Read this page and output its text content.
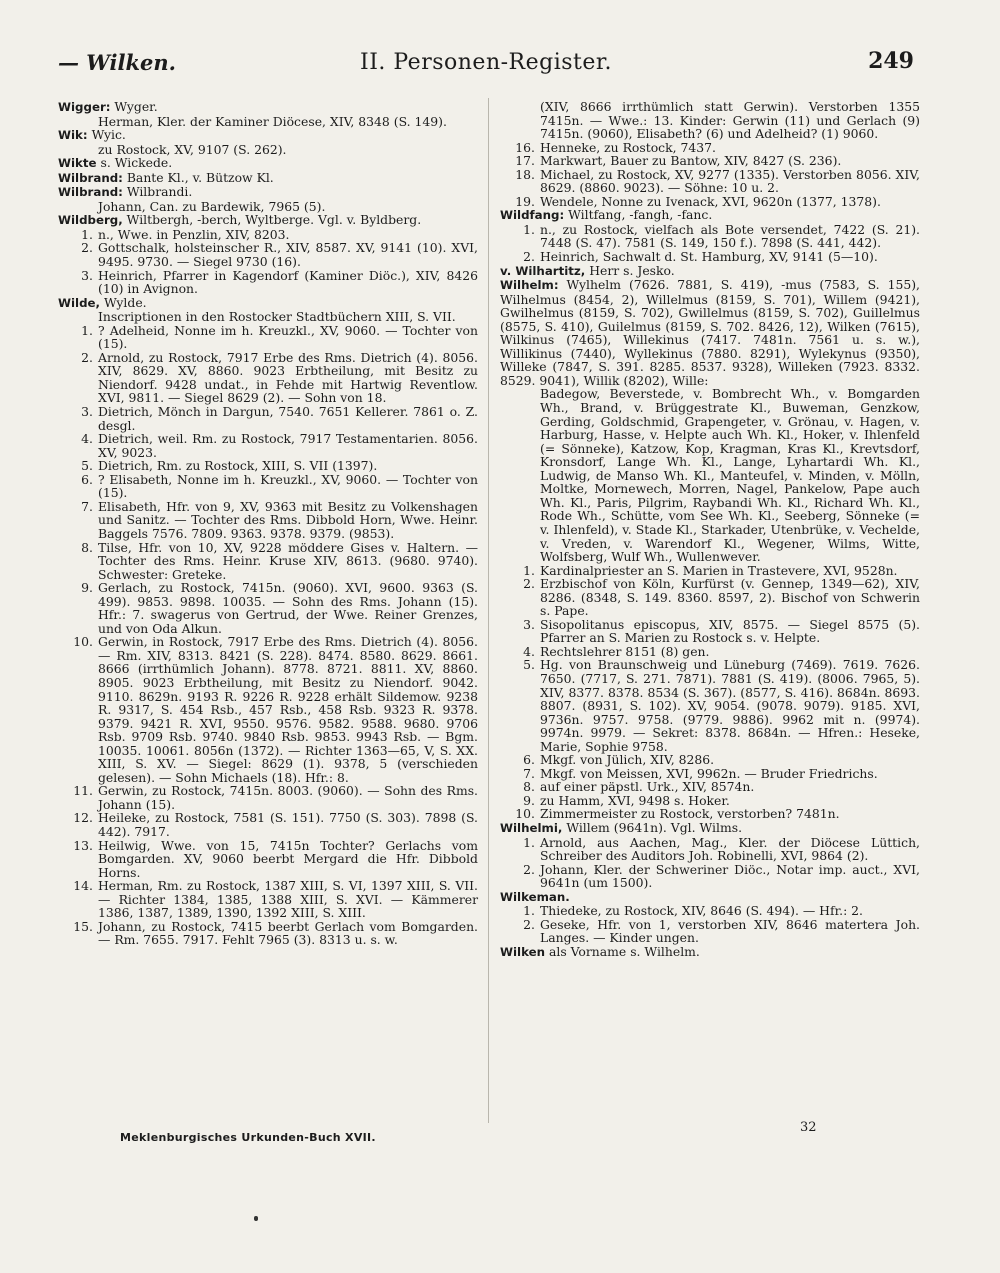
— Wilken.	II. Personen-Register.	249
Wigger: Wyger.
Herman, Kler. der Kaminer Diöcese, XIV, 8348 (S. 149).
Wik: Wyic.
zu Rostock, XV, 9107 (S. 262).
Wikte s. Wickede.
Wilbrand: Bante Kl., v. Bützow Kl.
Wilbrand: Wilbrandi.
Johann, Can. zu Bardewik, 7965 (5).
Wildberg, Wiltbergh, -berch, Wyltberge. Vgl. v. Byldberg.
1. n., Wwe. in Penzlin, XIV, 8203.
2. Gottschalk, holsteinscher R., XIV, 8587. XV, 9141 (10). XVI, 9495. 9730. — Siegel 9730 (16).
3. Heinrich, Pfarrer in Kagendorf (Kaminer Diöc.), XIV, 8426 (10) in Avignon.
Wilde, Wylde.
Inscriptionen in den Rostocker Stadtbüchern XIII, S. VII.
1. ? Adelheid, Nonne im h. Kreuzkl., XV, 9060. — Tochter von (15).
2. Arnold, zu Rostock, 7917 Erbe des Rms. Dietrich (4). 8056. XIV, 8629. XV, 8860. 9023 Erbtheilung, mit Besitz zu Niendorf. 9428 undat., in Fehde mit Hartwig Reventlow. XVI, 9811. — Siegel 8629 (2). — Sohn von 18.
3. Dietrich, Mönch in Dargun, 7540. 7651 Kellerer. 7861 o. Z. desgl.
4. Dietrich, weil. Rm. zu Rostock, 7917 Testamentarien. 8056. XV, 9023.
5. Dietrich, Rm. zu Rostock, XIII, S. VII (1397).
6. ? Elisabeth, Nonne im h. Kreuzkl., XV, 9060. — Tochter von (15).
7. Elisabeth, Hfr. von 9, XV, 9363 mit Besitz zu Volkenshagen und Sanitz. — Tochter des Rms. Dibbold Horn, Wwe. Heinr. Baggels 7576. 7809. 9363. 9378. 9379. (9853).
8. Tilse, Hfr. von 10, XV, 9228 möddere Gises v. Haltern. — Tochter des Rms. Heinr. Kruse XIV, 8613. (9680. 9740). Schwester: Greteke.
9. Gerlach, zu Rostock, 7415n. (9060). XVI, 9600. 9363 (S. 499). 9853. 9898. 10035. — Sohn des Rms. Johann (15). Hfr.: 7. swagerus von Gertrud, der Wwe. Reiner Grenzes, und von Oda Alkun.
10. Gerwin, in Rostock, 7917 Erbe des Rms. Dietrich (4). 8056. — Rm. XIV, 8313. 8421 (S. 228). 8474. 8580. 8629. 8661. 8666 (irrthümlich Johann). 8778. 8721. 8811. XV, 8860. 8905. 9023 Erbtheilung, mit Besitz zu Niendorf. 9042. 9110. 8629n. 9193 R. 9226 R. 9228 erhält Sildemow. 9238 R. 9317, S. 454 Rsb., 457 Rsb., 458 Rsb. 9323 R. 9378. 9379. 9421 R. XVI, 9550. 9576. 9582. 9588. 9680. 9706 Rsb. 9709 Rsb. 9740. 9840 Rsb. 9853. 9943 Rsb. — Bgm. 10035. 10061. 8056n (1372). — Richter 1363—65, V, S. XX. XIII, S. XV. — Siegel: 8629 (1). 9378, 5 (verschieden gelesen). — Sohn Michaels (18). Hfr.: 8.
11. Gerwin, zu Rostock, 7415n. 8003. (9060). — Sohn des Rms. Johann (15).
12. Heileke, zu Rostock, 7581 (S. 151). 7750 (S. 303). 7898 (S. 442). 7917.
13. Heilwig, Wwe. von 15, 7415n Tochter? Gerlachs vom Bomgarden. XV, 9060 beerbt Mergard die Hfr. Dibbold Horns.
14. Herman, Rm. zu Rostock, 1387 XIII, S. VI, 1397 XIII, S. VII. — Richter 1384, 1385, 1388 XIII, S. XVI. — Kämmerer 1386, 1387, 1389, 1390, 1392 XIII, S. XIII.
15. Johann, zu Rostock, 7415 beerbt Gerlach vom Bomgarden. — Rm. 7655. 7917. Fehlt 7965 (3). 8313 u. s. w.
(XIV, 8666 irrthümlich statt Gerwin). Verstorben 1355 7415n. — Wwe.: 13. Kinder: Gerwin (11) und Gerlach (9) 7415n. (9060), Elisabeth? (6) und Adelheid? (1) 9060.
16. Henneke, zu Rostock, 7437.
17. Markwart, Bauer zu Bantow, XIV, 8427 (S. 236).
18. Michael, zu Rostock, XV, 9277 (1335). Verstorben 8056. XIV, 8629. (8860. 9023). — Söhne: 10 u. 2.
19. Wendele, Nonne zu Ivenack, XVI, 9620n (1377, 1378).
Wildfang: Wiltfang, -fangh, -fanc.
1. n., zu Rostock, vielfach als Bote versendet, 7422 (S. 21). 7448 (S. 47). 7581 (S. 149, 150 f.). 7898 (S. 441, 442).
2. Heinrich, Sachwalt d. St. Hamburg, XV, 9141 (5—10).
v. Wilhartitz, Herr s. Jesko.
Wilhelm: Wylhelm (7626. 7881, S. 419), -mus (7583, S. 155), Wilhelmus (8454, 2), Willelmus (8159, S. 701), Willem (9421), Gwilhelmus (8159, S. 702), Gwillelmus (8159, S. 702), Guillelmus (8575, S. 410), Guilelmus (8159, S. 702. 8426, 12), Wilken (7615), Wilkinus (7465), Willekinus (7417. 7481n. 7561 u. s. w.), Willikinus (7440), Wyllekinus (7880. 8291), Wylekynus (9350), Willeke (7847, S. 391. 8285. 8537. 9328), Willeken (7923. 8332. 8529. 9041), Willik (8202), Wille:
Badegow, Beverstede, v. Bombrecht Wh., v. Bomgarden Wh., Brand, v. Brüggestrate Kl., Buweman, Genzkow, Gerding, Goldschmid, Grapengeter, v. Grönau, v. Hagen, v. Harburg, Hasse, v. Helpte auch Wh. Kl., Hoker, v. Ihlenfeld (= Sönneke), Katzow, Kop, Kragman, Kras Kl., Krevtsdorf, Kronsdorf, Lange Wh. Kl., Lange, Lyhartardi Wh. Kl., Ludwig, de Manso Wh. Kl., Manteufel, v. Minden, v. Mölln, Moltke, Mornewech, Morren, Nagel, Pankelow, Pape auch Wh. Kl., Paris, Pilgrim, Raybandi Wh. Kl., Richard Wh. Kl., Rode Wh., Schütte, vom See Wh. Kl., Seeberg, Sönneke (= v. Ihlenfeld), v. Stade Kl., Starkader, Utenbrüke, v. Vechelde, v. Vreden, v. Warendorf Kl., Wegener, Wilms, Witte, Wolfsberg, Wulf Wh., Wullenwever.
1. Kardinalpriester an S. Marien in Trastevere, XVI, 9528n.
2. Erzbischof von Köln, Kurfürst (v. Gennep, 1349—62), XIV, 8286. (8348, S. 149. 8360. 8597, 2). Bischof von Schwerin s. Pape.
3. Sisopolitanus episcopus, XIV, 8575. — Siegel 8575 (5). Pfarrer an S. Marien zu Rostock s. v. Helpte.
4. Rechtslehrer 8151 (8) gen.
5. Hg. von Braunschweig und Lüneburg (7469). 7619. 7626. 7650. (7717, S. 271. 7871). 7881 (S. 419). (8006. 7965, 5). XIV, 8377. 8378. 8534 (S. 367). (8577, S. 416). 8684n. 8693. 8807. (8931, S. 102). XV, 9054. (9078. 9079). 9185. XVI, 9736n. 9757. 9758. (9779. 9886). 9962 mit n. (9974). 9974n. 9979. — Sekret: 8378. 8684n. — Hfren.: Heseke, Marie, Sophie 9758.
6. Mkgf. von Jülich, XIV, 8286.
7. Mkgf. von Meissen, XVI, 9962n. — Bruder Friedrichs.
8. auf einer päpstl. Urk., XIV, 8574n.
9. zu Hamm, XVI, 9498 s. Hoker.
10. Zimmermeister zu Rostock, verstorben? 7481n.
Wilhelmi, Willem (9641n). Vgl. Wilms.
1. Arnold, aus Aachen, Mag., Kler. der Diöcese Lüttich, Schreiber des Auditors Joh. Robinelli, XVI, 9864 (2).
2. Johann, Kler. der Schweriner Diöc., Notar imp. auct., XVI, 9641n (um 1500).
Wilkeman.
1. Thiedeke, zu Rostock, XIV, 8646 (S. 494). — Hfr.: 2.
2. Geseke, Hfr. von 1, verstorben XIV, 8646 matertera Joh. Langes. — Kinder ungen.
Wilken als Vorname s. Wilhelm.
Meklenburgisches Urkunden-Buch XVII.
32
